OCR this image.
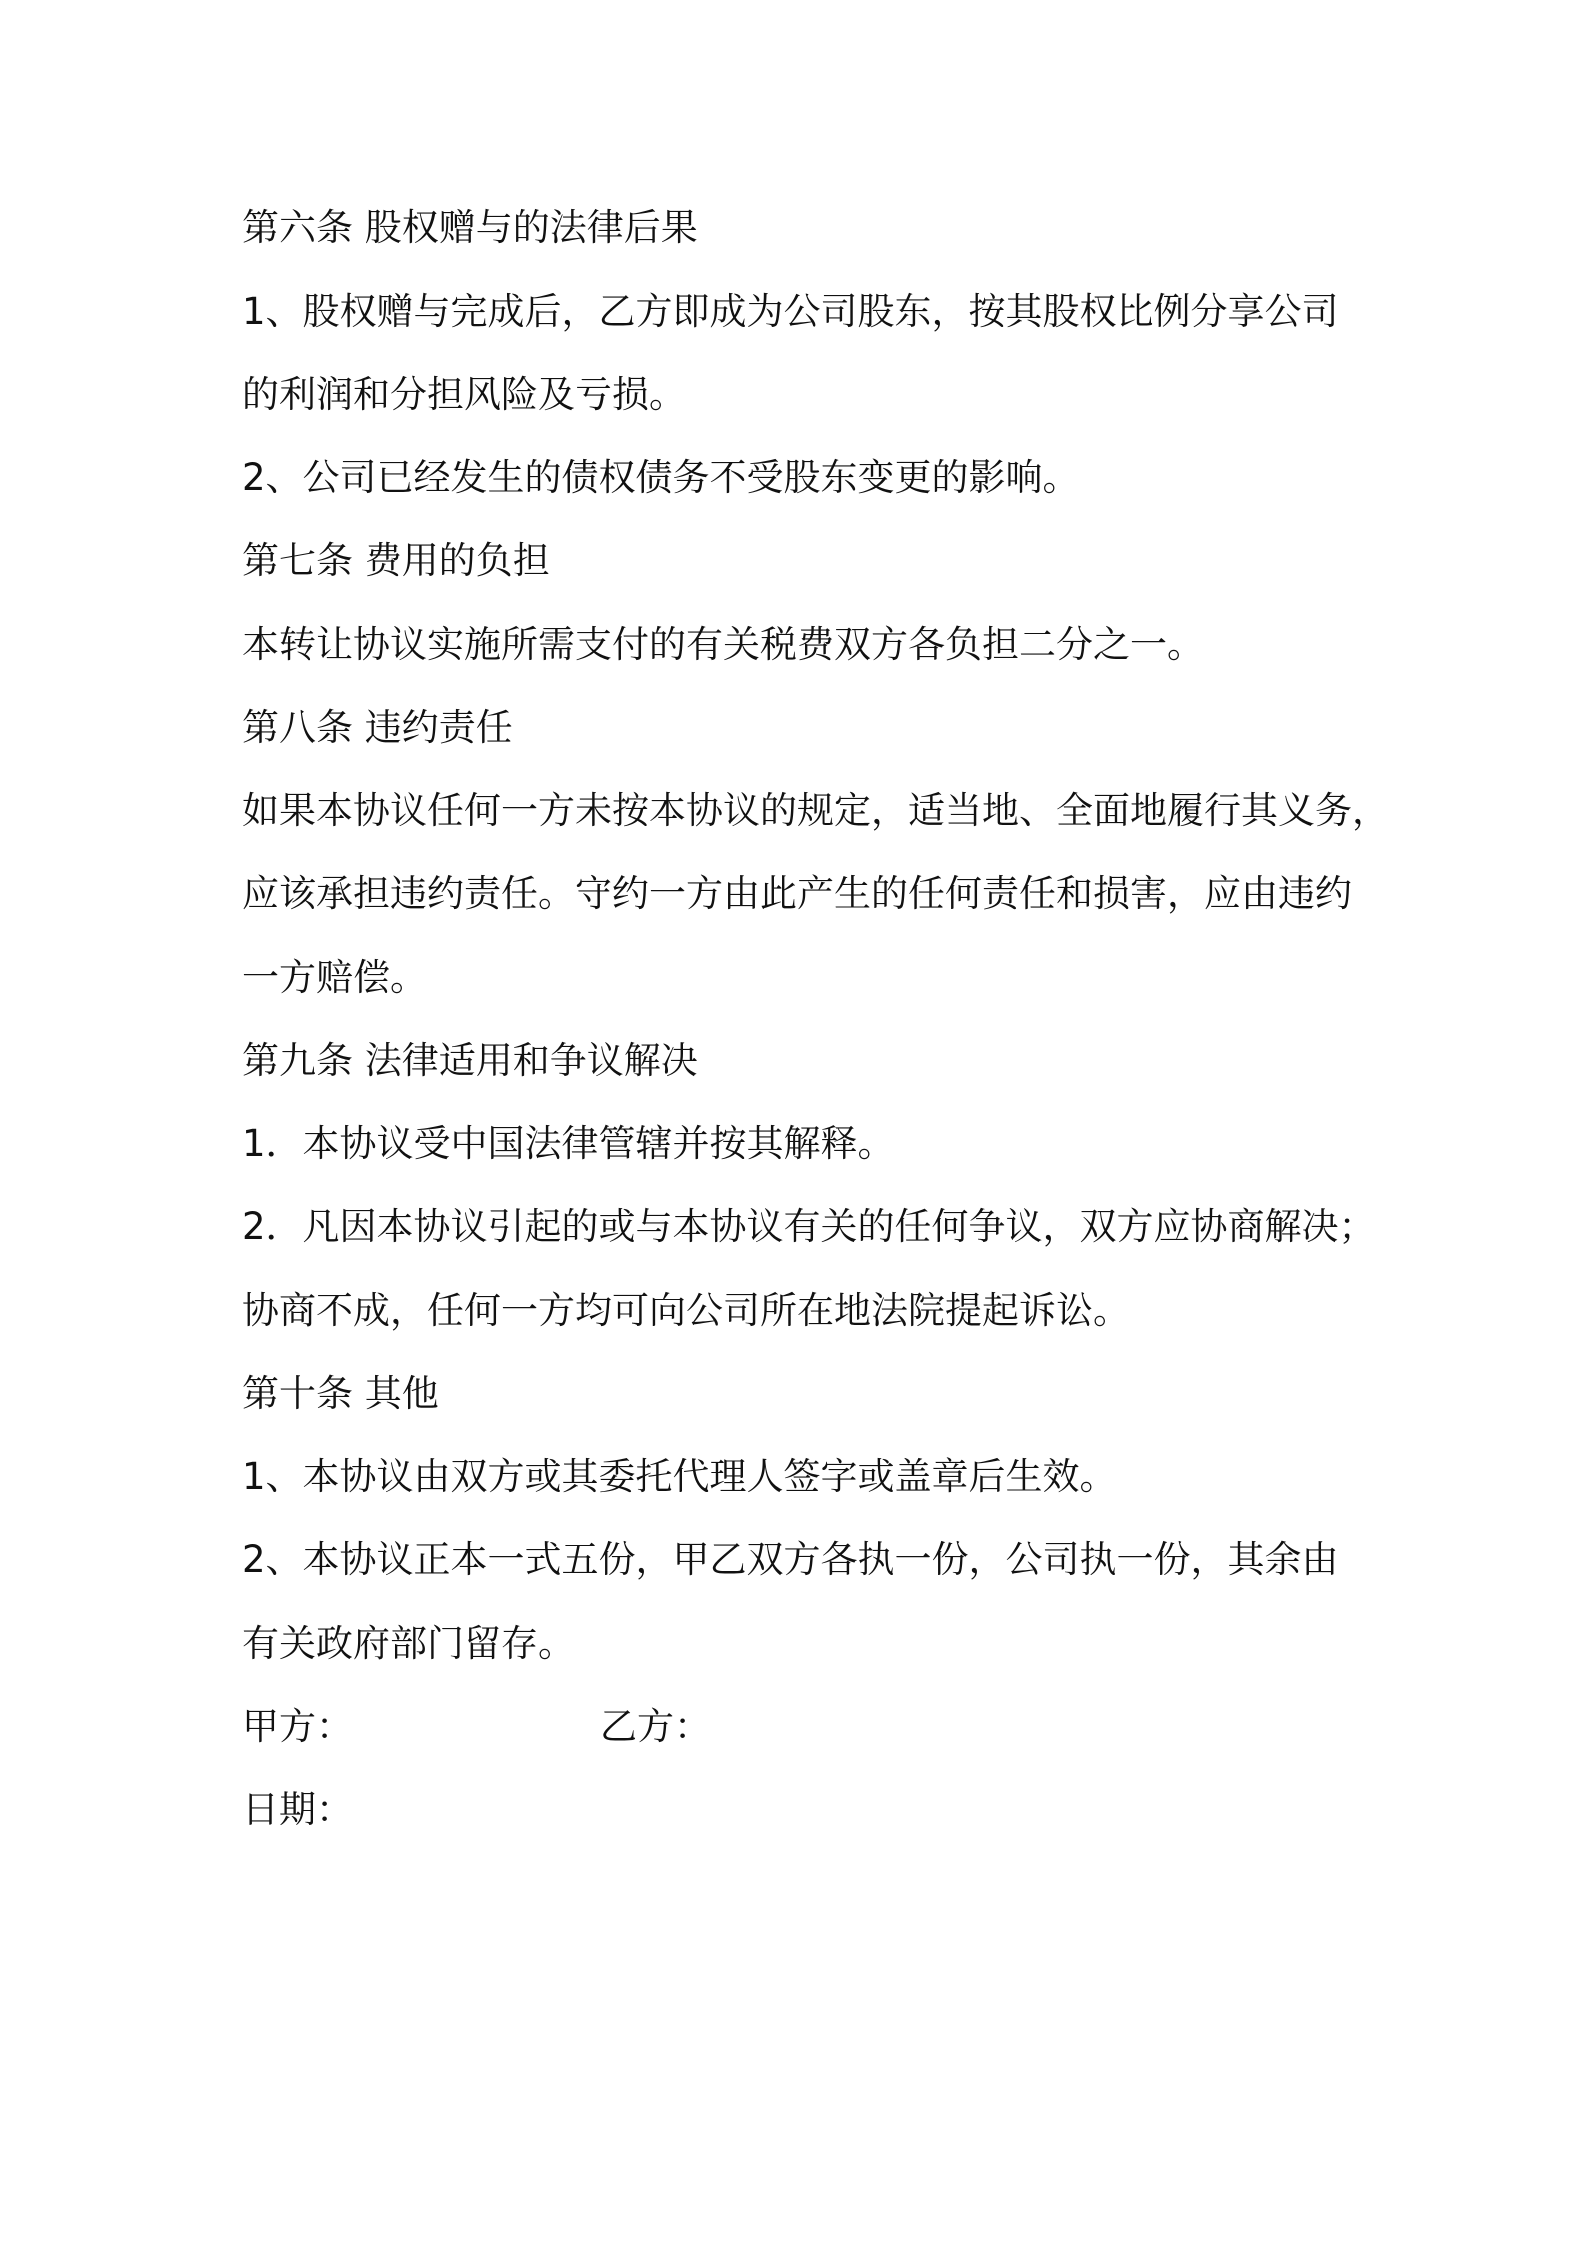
第六条 股权赠与的法律后果
1、股权赠与完成后，乙方即成为公司股东，按其股权比例分享公司
的利润和分担风险及亏损。
2、公司已经发生的债权债务不受股东变更的影响。
第七条 费用的负担
本转让协议实施所需支付的有关税费双方各负担二分之一。
第八条 违约责任
如果本协议任何一方未按本协议的规定，适当地、全面地履行其义务，
应该承担违约责任。守约一方由此产生的任何责任和损害，应由违约
一方赔偿。
第九条 法律适用和争议解决
1．本协议受中国法律管辖并按其解释。
2．凡因本协议引起的或与本协议有关的任何争议，双方应协商解决；
协商不成，任何一方均可向公司所在地法院提起诉讼。
第十条 其他
1、本协议由双方或其委托代理人签字或盖章后生效。
2、本协议正本一式五份，甲乙双方各执一份，公司执一份，其余由
有关政府部门留存。
甲方：	乙方：
日期：
